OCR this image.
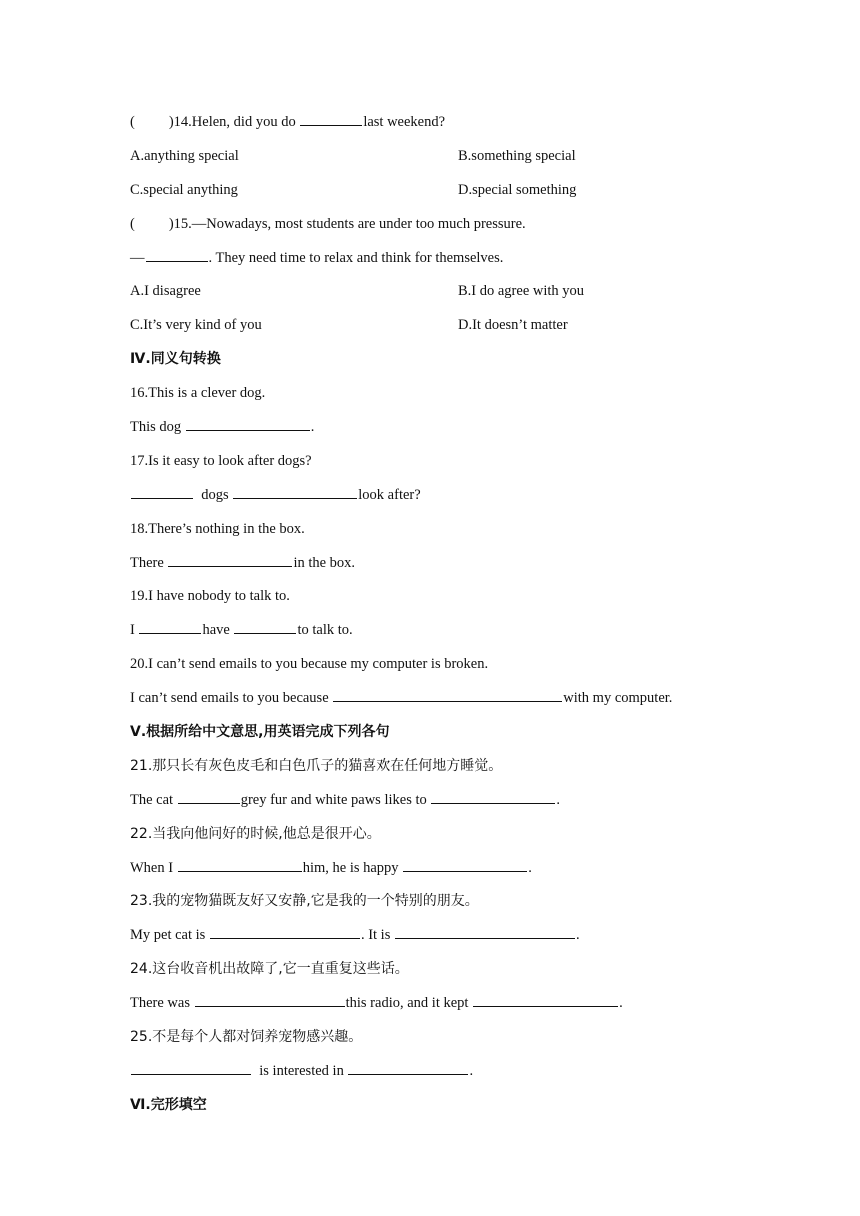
( )14.Helen, did you do	last weekend?
A.anything special	B.something special
C.special anything	D.special something
( )15.—Nowadays, most students are under too much pressure.
—	. They need time to relax and think for themselves.
A.I disagree	B.I do agree with you
C.It’s very kind of you	D.It doesn’t matter
Ⅳ.同义句转换
16.This is a clever dog.
This dog	.
17.Is it easy to look after dogs?
dogs	look after?
18.There’s nothing in the box.
There	in the box.
19.I have nobody to talk to.
I	have	to talk to.
20.I can’t send emails to you because my computer is broken.
I can’t send emails to you because	with my computer.
Ⅴ.根据所给中文意思,用英语完成下列各句
21.那只长有灰色皮毛和白色爪子的猫喜欢在任何地方睡觉。
The cat	grey fur and white paws likes to	.
22.当我向他问好的时候,他总是很开心。
When I	him, he is happy	.
23.我的宠物猫既友好又安静,它是我的一个特别的朋友。
My pet cat is	. It is	.
24.这台收音机出故障了,它一直重复这些话。
There was	this radio, and it kept	.
25.不是每个人都对饲养宠物感兴趣。
is interested in	.
Ⅵ.完形填空
